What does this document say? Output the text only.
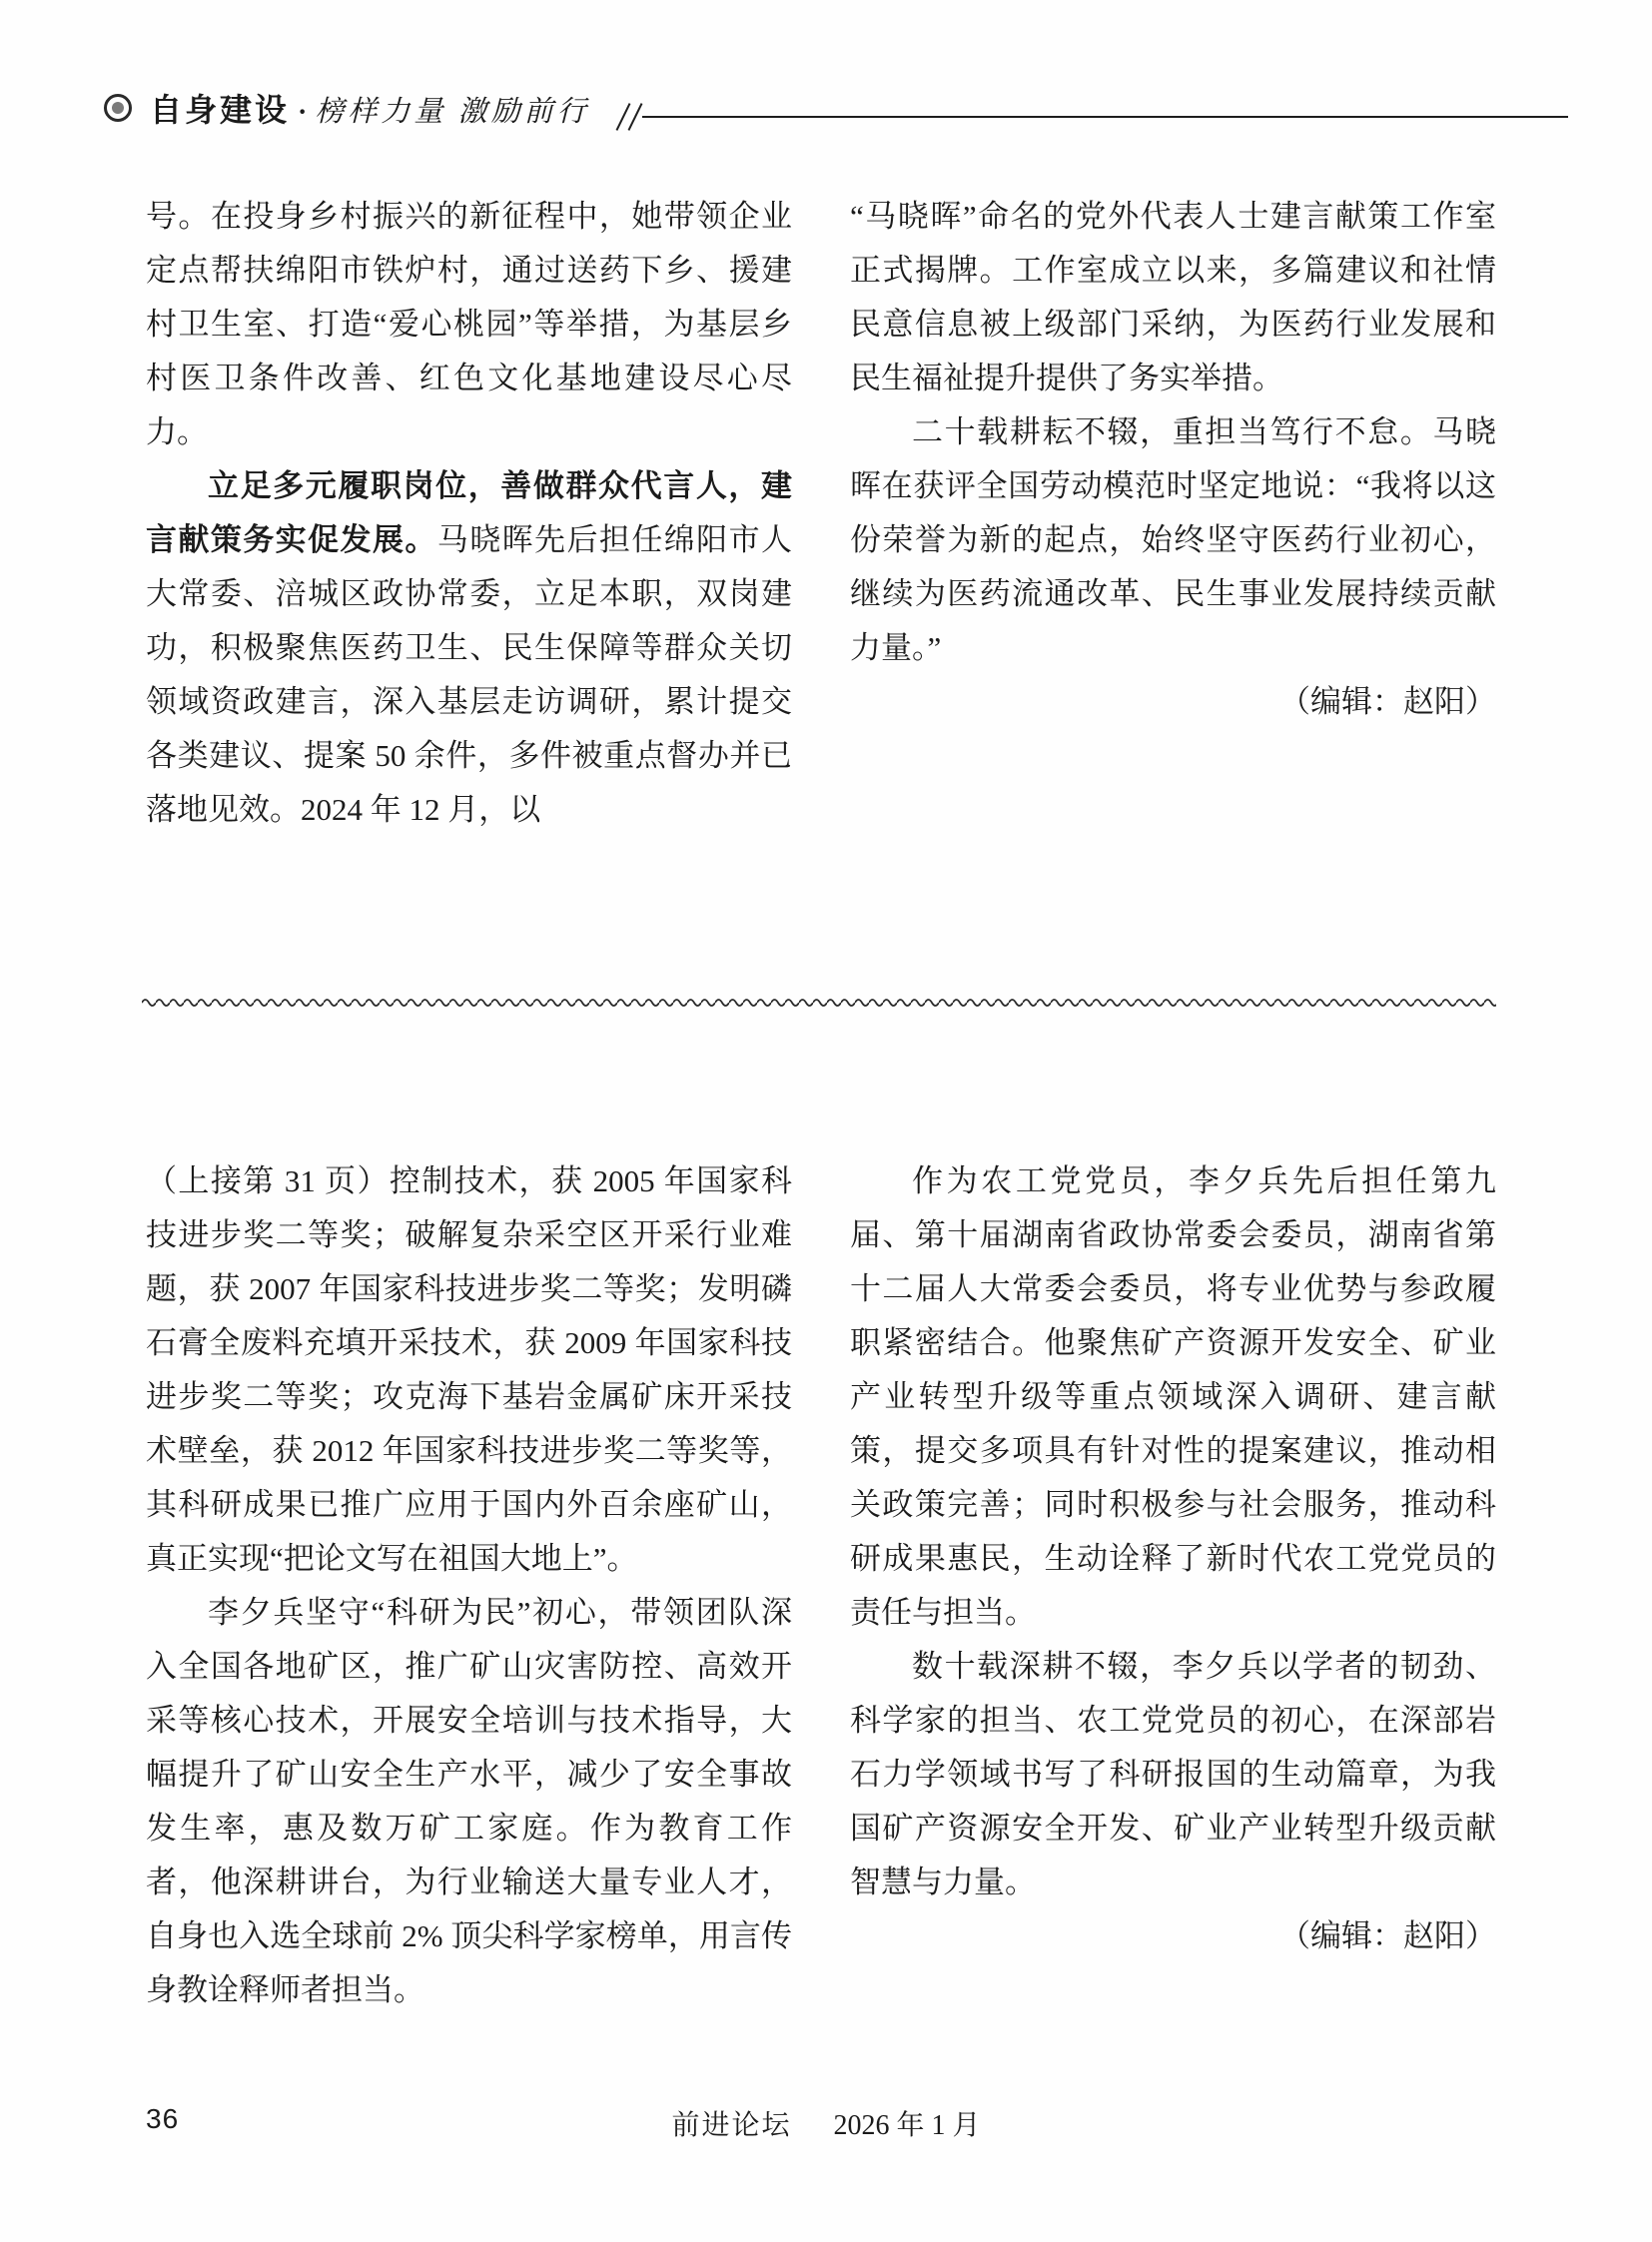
自身建设 · 榜样力量 激励前行

号。在投身乡村振兴的新征程中，她带领企业定点帮扶绵阳市铁炉村，通过送药下乡、援建村卫生室、打造“爱心桃园”等举措，为基层乡村医卫条件改善、红色文化基地建设尽心尽力。

立足多元履职岗位，善做群众代言人，建言献策务实促发展。马晓晖先后担任绵阳市人大常委、涪城区政协常委，立足本职，双岗建功，积极聚焦医药卫生、民生保障等群众关切领域资政建言，深入基层走访调研，累计提交各类建议、提案 50 余件，多件被重点督办并已落地见效。2024 年 12 月，以

“马晓晖”命名的党外代表人士建言献策工作室正式揭牌。工作室成立以来，多篇建议和社情民意信息被上级部门采纳，为医药行业发展和民生福祉提升提供了务实举措。

二十载耕耘不辍，重担当笃行不怠。马晓晖在获评全国劳动模范时坚定地说：“我将以这份荣誉为新的起点，始终坚守医药行业初心，继续为医药流通改革、民生事业发展持续贡献力量。”

（编辑：赵阳）

（上接第 31 页）控制技术，获 2005 年国家科技进步奖二等奖；破解复杂采空区开采行业难题，获 2007 年国家科技进步奖二等奖；发明磷石膏全废料充填开采技术，获 2009 年国家科技进步奖二等奖；攻克海下基岩金属矿床开采技术壁垒，获 2012 年国家科技进步奖二等奖等，其科研成果已推广应用于国内外百余座矿山，真正实现“把论文写在祖国大地上”。

李夕兵坚守“科研为民”初心，带领团队深入全国各地矿区，推广矿山灾害防控、高效开采等核心技术，开展安全培训与技术指导，大幅提升了矿山安全生产水平，减少了安全事故发生率，惠及数万矿工家庭。作为教育工作者，他深耕讲台，为行业输送大量专业人才，自身也入选全球前 2% 顶尖科学家榜单，用言传身教诠释师者担当。

作为农工党党员，李夕兵先后担任第九届、第十届湖南省政协常委会委员，湖南省第十二届人大常委会委员，将专业优势与参政履职紧密结合。他聚焦矿产资源开发安全、矿业产业转型升级等重点领域深入调研、建言献策，提交多项具有针对性的提案建议，推动相关政策完善；同时积极参与社会服务，推动科研成果惠民，生动诠释了新时代农工党党员的责任与担当。

数十载深耕不辍，李夕兵以学者的韧劲、科学家的担当、农工党党员的初心，在深部岩石力学领域书写了科研报国的生动篇章，为我国矿产资源安全开发、矿业产业转型升级贡献智慧与力量。

（编辑：赵阳）

36	前进论坛 2026 年 1 月
